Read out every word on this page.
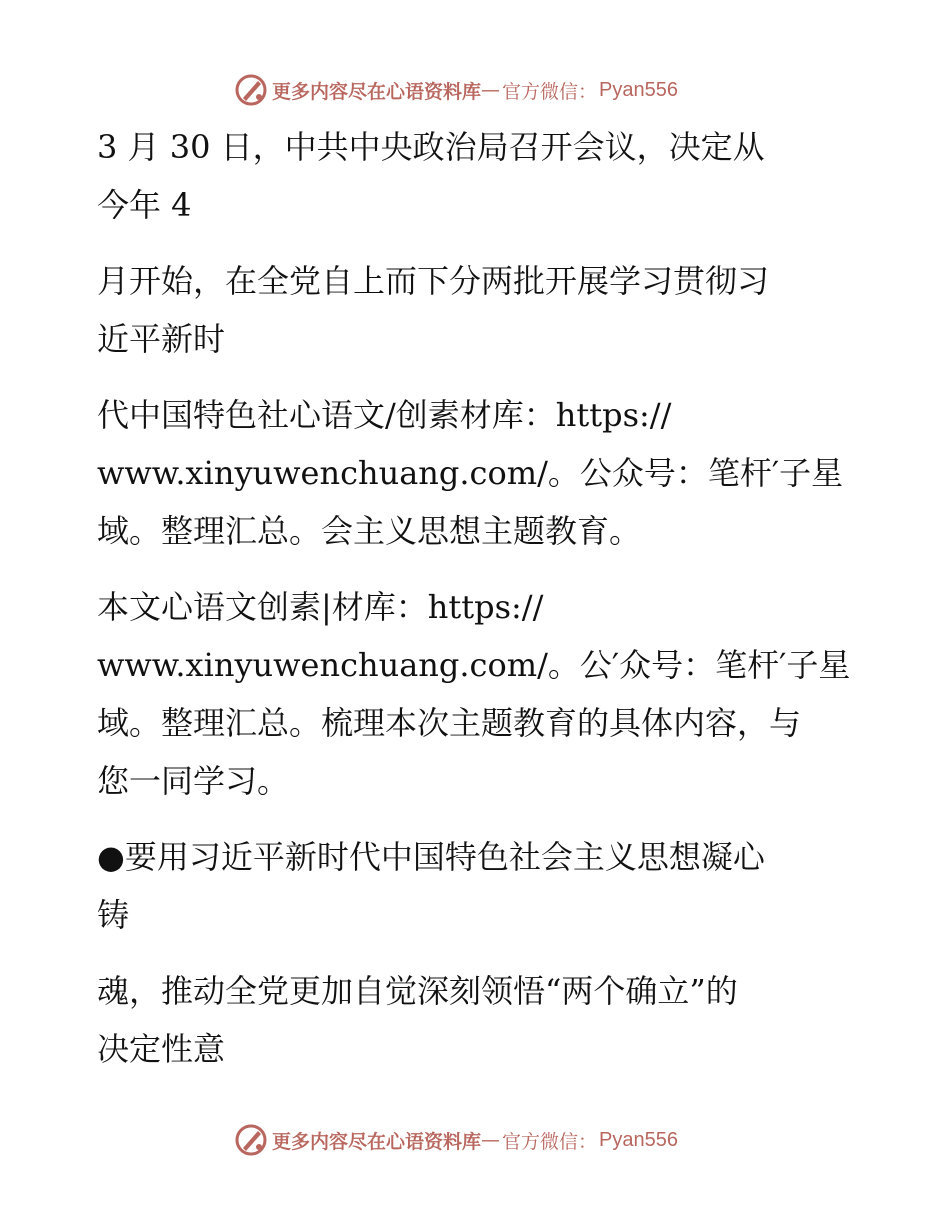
更多内容尽在心语资料库 — 官方微信： Pyan556
3 月 30 日，中共中央政治局召开会议，决定从
今年 4
月开始，在全党自上而下分两批开展学习贯彻习
近平新时
代中国特色社心语文/创素材库：https://
www.xinyuwenchuang.com/。公众号：笔杆′子星
域。整理汇总。会主义思想主题教育。
本文心语文创素|材库：https://
www.xinyuwenchuang.com/。公′众号：笔杆′子星
域。整理汇总。梳理本次主题教育的具体内容，与
您一同学习。
●要用习近平新时代中国特色社会主义思想凝心
铸
魂，推动全党更加自觉深刻领悟“两个确立”的
决定性意
更多内容尽在心语资料库 — 官方微信： Pyan556
